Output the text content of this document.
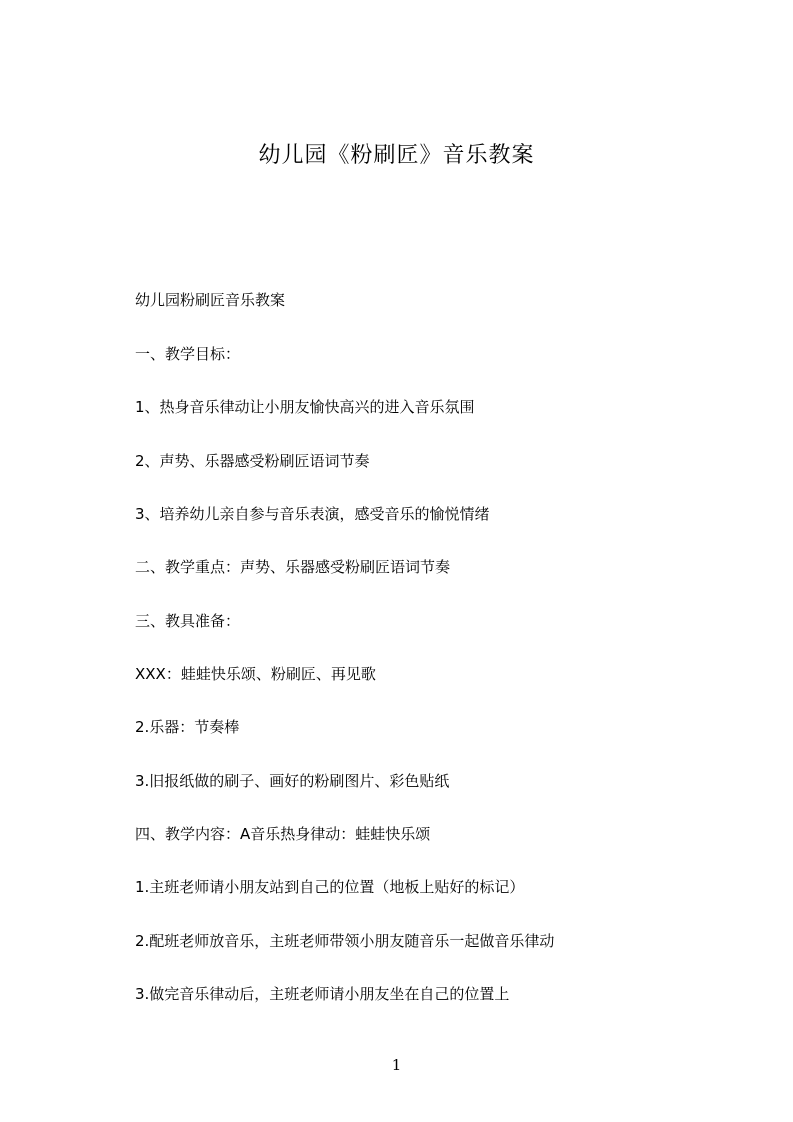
幼儿园《粉刷匠》音乐教案
幼儿园粉刷匠音乐教案
一、教学目标：
1、热身音乐律动让小朋友愉快高兴的进入音乐氛围
2、声势、乐器感受粉刷匠语词节奏
3、培养幼儿亲自参与音乐表演，感受音乐的愉悦情绪
二、教学重点：声势、乐器感受粉刷匠语词节奏
三、教具准备：
XXX：蛙蛙快乐颂、粉刷匠、再见歌
2.乐器：节奏棒
3.旧报纸做的刷子、画好的粉刷图片、彩色贴纸
四、教学内容：A音乐热身律动：蛙蛙快乐颂
1.主班老师请小朋友站到自己的位置（地板上贴好的标记）
2.配班老师放音乐，主班老师带领小朋友随音乐一起做音乐律动
3.做完音乐律动后，主班老师请小朋友坐在自己的位置上
1
